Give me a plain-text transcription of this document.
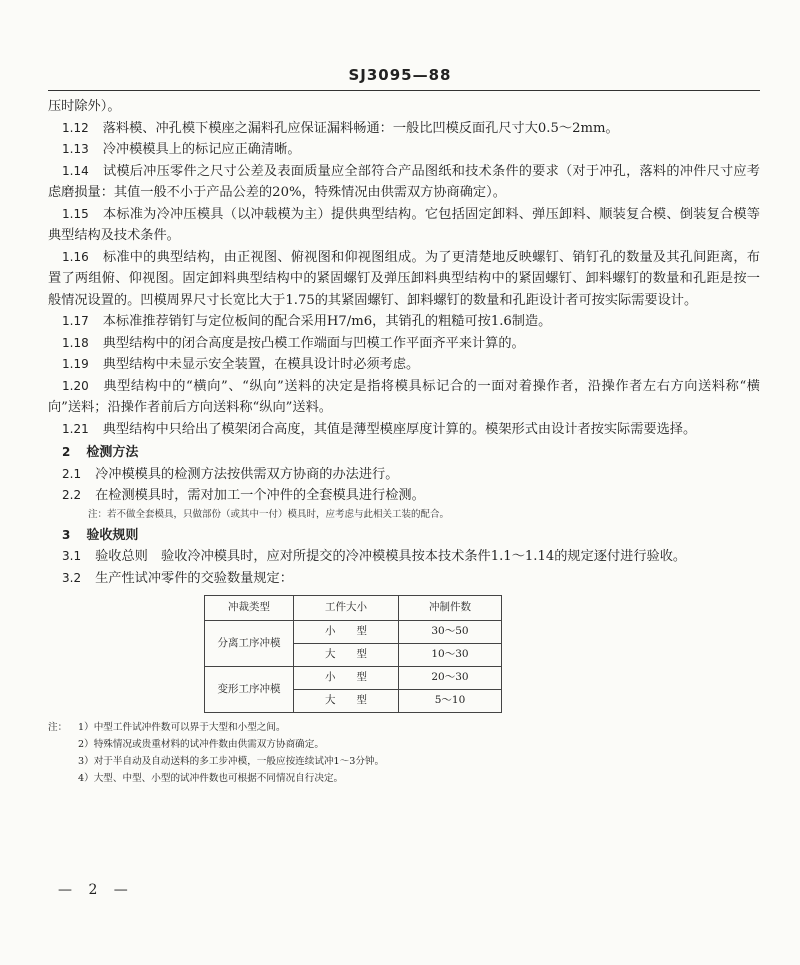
SJ3095—88

压时除外）。

1.12 落料模、冲孔模下模座之漏料孔应保证漏料畅通：一般比凹模反面孔尺寸大0.5～2mm。

1.13 冷冲模模具上的标记应正确清晰。

1.14 试模后冲压零件之尺寸公差及表面质量应全部符合产品图纸和技术条件的要求（对于冲孔，落料的冲件尺寸应考虑磨损量：其值一般不小于产品公差的20%，特殊情况由供需双方协商确定）。

1.15 本标准为冷冲压模具（以冲载模为主）提供典型结构。它包括固定卸料、弹压卸料、顺装复合模、倒装复合模等典型结构及技术条件。

1.16 标准中的典型结构，由正视图、俯视图和仰视图组成。为了更清楚地反映螺钉、销钉孔的数量及其孔间距离，布置了两组俯、仰视图。固定卸料典型结构中的紧固螺钉及弹压卸料典型结构中的紧固螺钉、卸料螺钉的数量和孔距是按一般情况设置的。凹模周界尺寸长宽比大于1.75的其紧固螺钉、卸料螺钉的数量和孔距设计者可按实际需要设计。

1.17 本标准推荐销钉与定位板间的配合采用H7/m6，其销孔的粗糙可按1.6制造。

1.18 典型结构中的闭合高度是按凸模工作端面与凹模工作平面齐平来计算的。

1.19 典型结构中未显示安全装置，在模具设计时必须考虑。

1.20 典型结构中的“横向”、“纵向”送料的决定是指将模具标记合的一面对着操作者，沿操作者左右方向送料称“横向”送料；沿操作者前后方向送料称“纵向”送料。

1.21 典型结构中只给出了模架闭合高度，其值是薄型模座厚度计算的。模架形式由设计者按实际需要选择。

2 检测方法

2.1 冷冲模模具的检测方法按供需双方协商的办法进行。

2.2 在检测模具时，需对加工一个冲件的全套模具进行检测。

注：若不做全套模具，只做部份（或其中一付）模具时，应考虑与此相关工装的配合。

3 验收规则

3.1 验收总则　验收冷冲模具时，应对所提交的冷冲模模具按本技术条件1.1～1.14的规定逐付进行验收。

3.2 生产性试冲零件的交验数量规定：

冲裁类型	工件大小	冲制件数
分离工序冲模	小　　型	30～50
	大　　型	10～30
变形工序冲模	小　　型	20～30
	大　　型	5～10
注： 1）中型工件试冲件数可以界于大型和小型之间。
2）特殊情况或贵重材料的试冲件数由供需双方协商确定。
3）对于半自动及自动送料的多工步冲模，一般应按连续试冲1～3分钟。
4）大型、中型、小型的试冲件数也可根据不同情况自行决定。
— 2 —
